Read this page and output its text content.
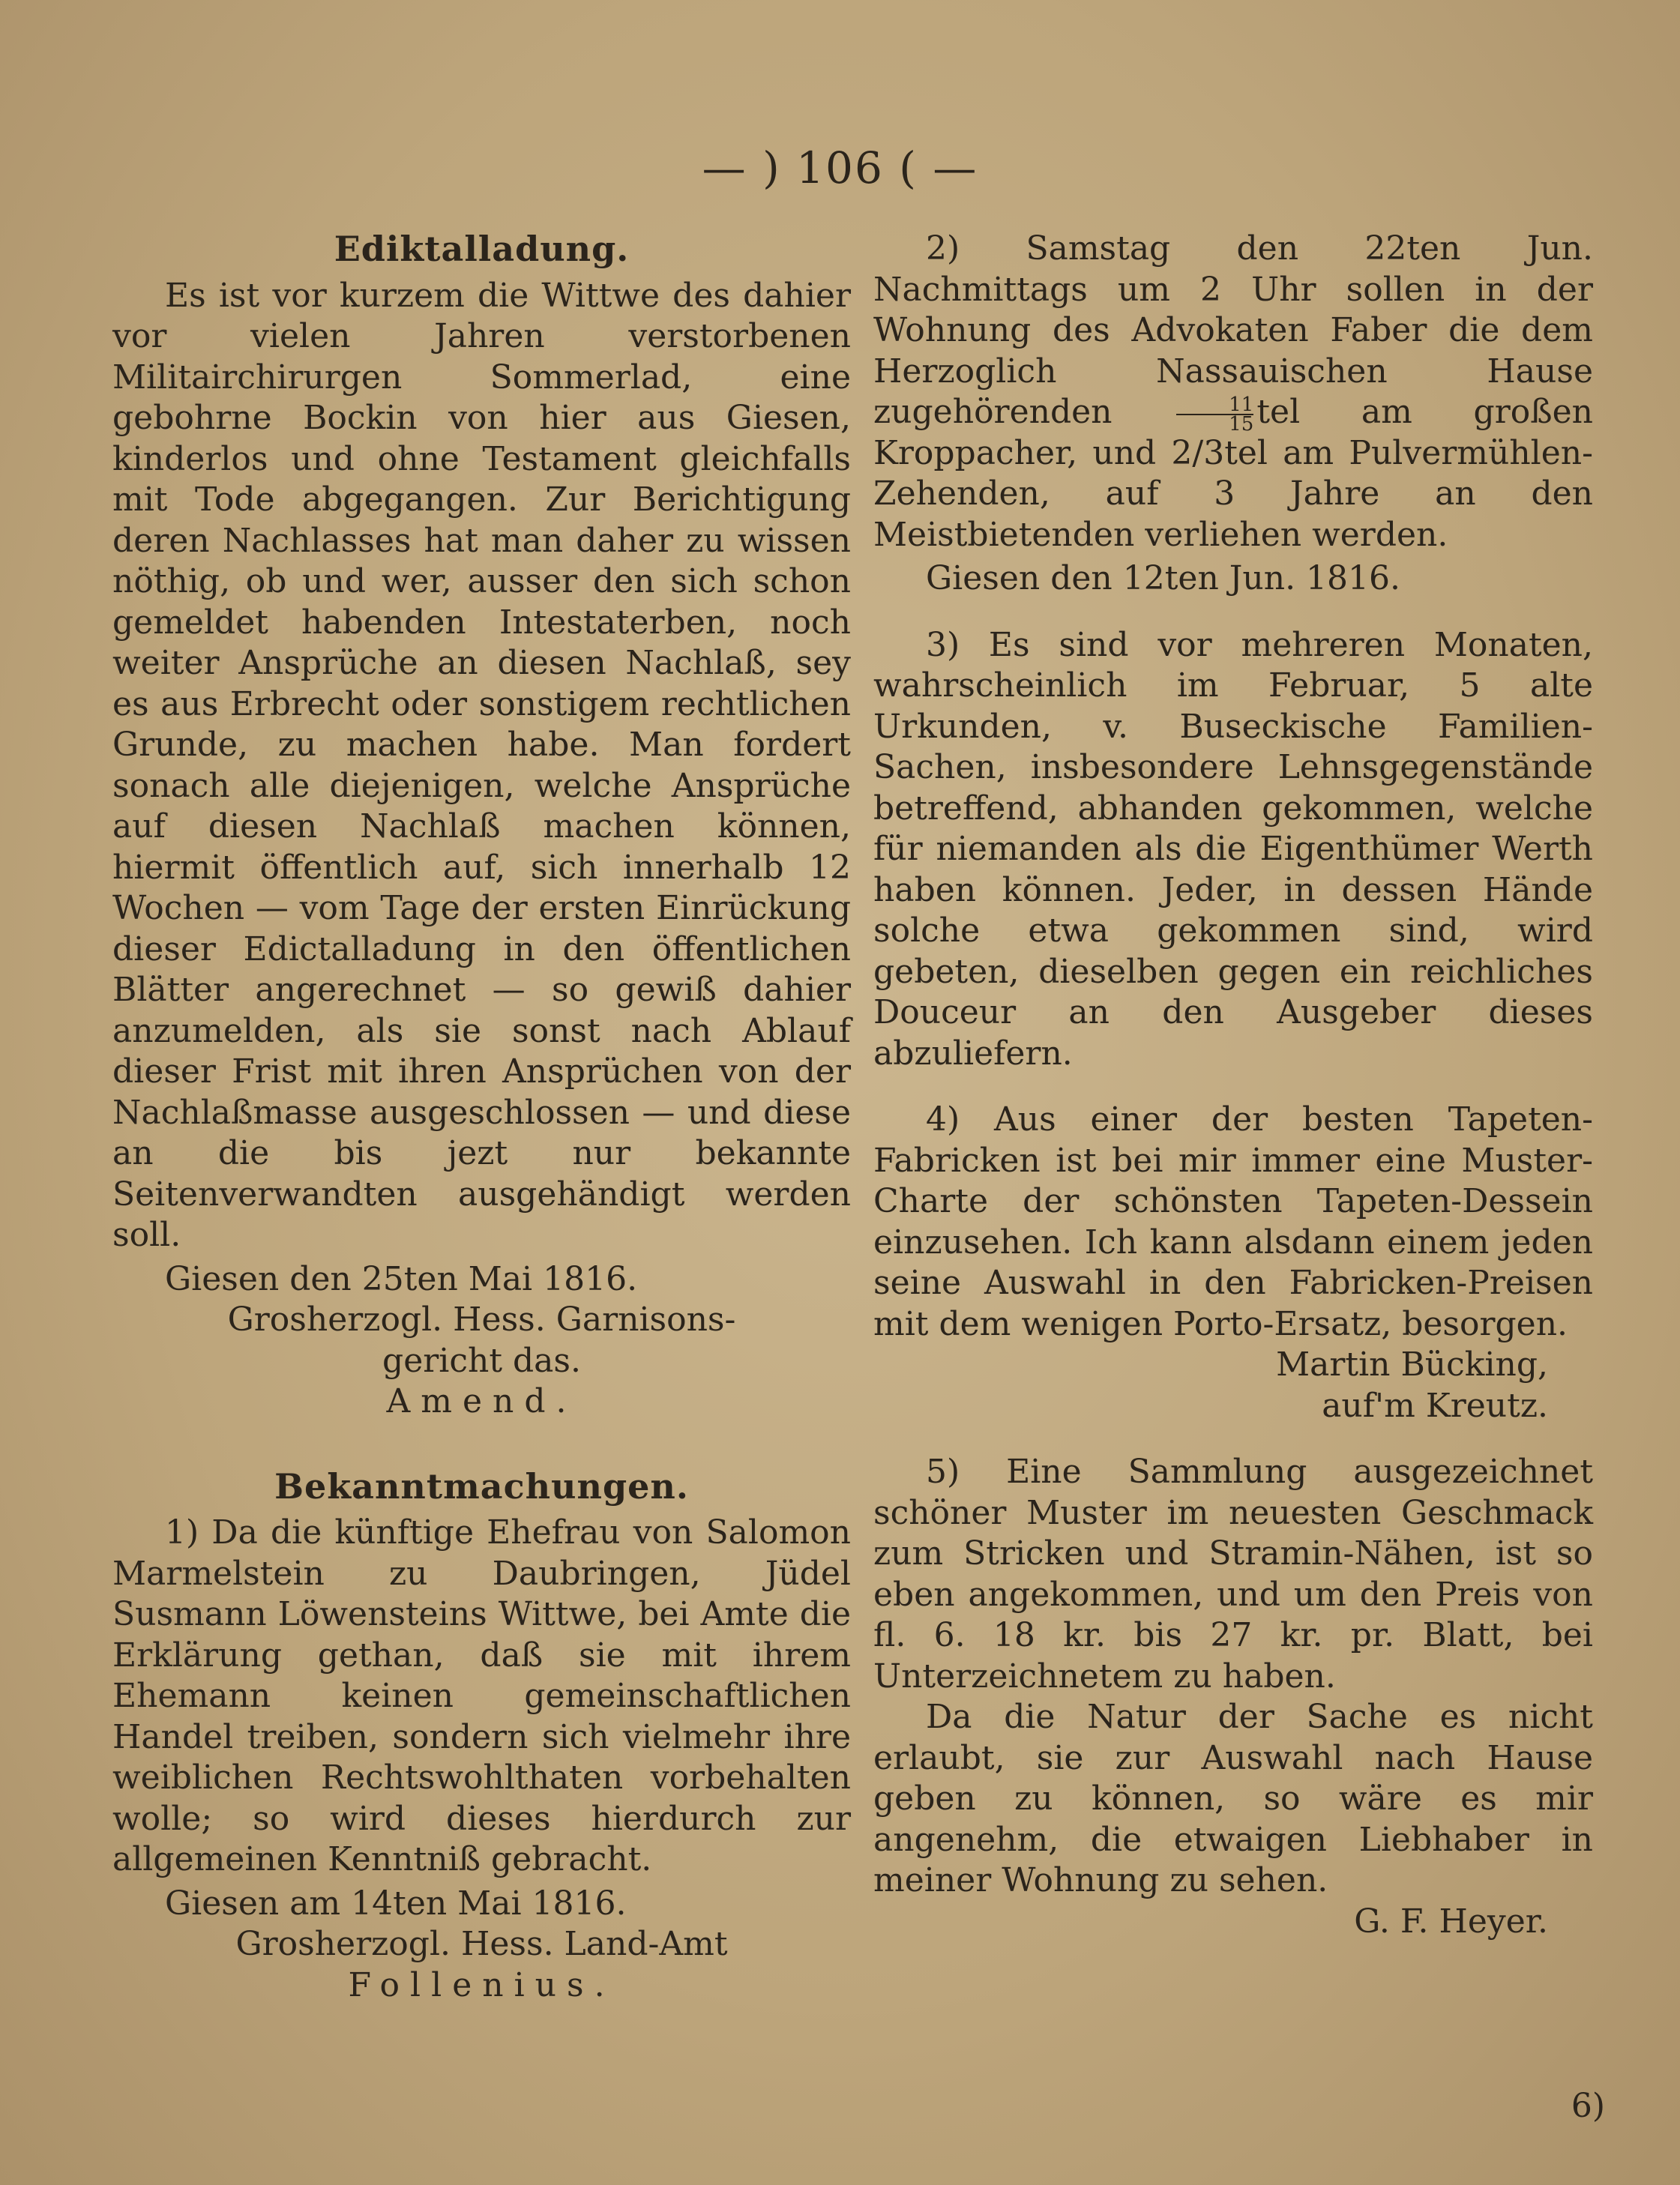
— ) 106 ( —
Ediktalladung.

Es ist vor kurzem die Wittwe des dahier vor vielen Jahren verstorbenen Militairchirurgen Sommerlad, eine gebohrne Bockin von hier aus Giesen, kinderlos und ohne Testament gleichfalls mit Tode abgegangen. Zur Berichtigung deren Nachlasses hat man daher zu wissen nöthig, ob und wer, ausser den sich schon gemeldet habenden Intestaterben, noch weiter Ansprüche an diesen Nachlaß, sey es aus Erbrecht oder sonstigem rechtlichen Grunde, zu machen habe. Man fordert sonach alle diejenigen, welche Ansprüche auf diesen Nachlaß machen können, hiermit öffentlich auf, sich innerhalb 12 Wochen — vom Tage der ersten Einrückung dieser Edictalladung in den öffentlichen Blätter angerechnet — so gewiß dahier anzumelden, als sie sonst nach Ablauf dieser Frist mit ihren Ansprüchen von der Nachlaßmasse ausgeschlossen — und diese an die bis jezt nur bekannte Seitenverwandten ausgehändigt werden soll.

Giesen den 25ten Mai 1816.

Grosherzogl. Hess. Garnisons-

gericht das.

Amend.

Bekanntmachungen.

1) Da die künftige Ehefrau von Salomon Marmelstein zu Daubringen, Jüdel Susmann Löwensteins Wittwe, bei Amte die Erklärung gethan, daß sie mit ihrem Ehemann keinen gemeinschaftlichen Handel treiben, sondern sich vielmehr ihre weiblichen Rechtswohlthaten vorbehalten wolle; so wird dieses hierdurch zur allgemeinen Kenntniß gebracht.

Giesen am 14ten Mai 1816.

Grosherzogl. Hess. Land-Amt

Follenius.

2) Samstag den 22ten Jun. Nachmittags um 2 Uhr sollen in der Wohnung des Advokaten Faber die dem Herzoglich Nassauischen Hause zugehörenden	$\frac{11}{15}$ tel am großen Kroppacher, und 2/3tel am Pulvermühlen-Zehenden, auf 3 Jahre an den Meistbietenden verliehen werden.

Giesen den 12ten Jun. 1816.

3) Es sind vor mehreren Monaten, wahrscheinlich im Februar, 5 alte Urkunden, v. Buseckische Familien-Sachen, insbesondere Lehnsgegenstände betreffend, abhanden gekommen, welche für niemanden als die Eigenthümer Werth haben können. Jeder, in dessen Hände solche etwa gekommen sind, wird gebeten, dieselben gegen ein reichliches Douceur an den Ausgeber dieses abzuliefern.

4) Aus einer der besten Tapeten-Fabricken ist bei mir immer eine Muster-Charte der schönsten Tapeten-Dessein einzusehen. Ich kann alsdann einem jeden seine Auswahl in den Fabricken-Preisen mit dem wenigen Porto-Ersatz, besorgen.

Martin Bücking,

auf'm Kreutz.

5) Eine Sammlung ausgezeichnet schöner Muster im neuesten Geschmack zum Stricken und Stramin-Nähen, ist so eben angekommen, und um den Preis von fl. 6. 18 kr. bis 27 kr. pr. Blatt, bei Unterzeichnetem zu haben.

Da die Natur der Sache es nicht erlaubt, sie zur Auswahl nach Hause geben zu können, so wäre es mir angenehm, die etwaigen Liebhaber in meiner Wohnung zu sehen.

G. F. Heyer.

6)
